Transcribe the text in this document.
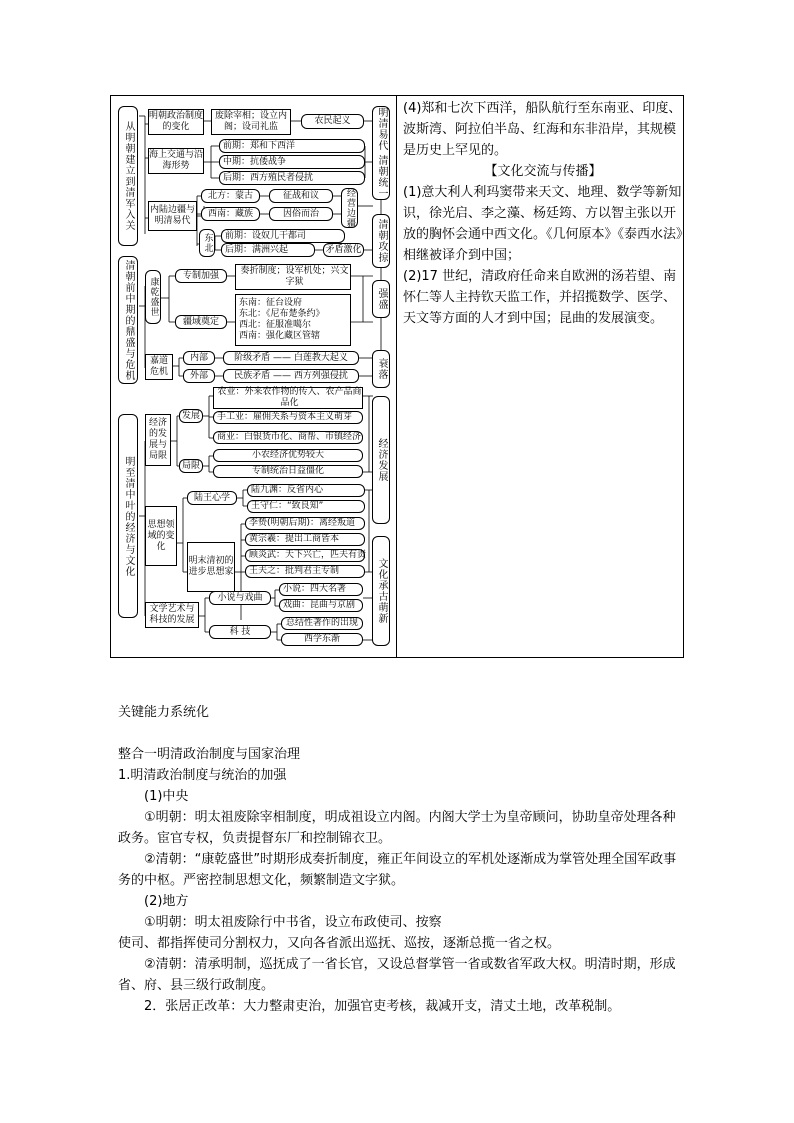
从明朝建立到清军入关
清朝前中期的鼎盛与危机
明至清中叶的经济与文化
明清易代 清朝统一
清朝攻掠
强盛
衰落
经济发展
文化承古萌新
明朝政治制度的变化
废除宰相；设立内阁；设司礼监
农民起义
海上交通与沿海形势
前期：郑和下西洋
中期：抗倭战争
后期：西方殖民者侵扰
内陆边疆与明清易代
北方：蒙古
西南：藏族
征战和议
因俗而治	经营边疆
东北	前期：设奴儿干都司
后期：满洲兴起	矛盾激化
康乾盛世
专制加强	奏折制度；设军机处；兴文字狱
疆域奠定
东南：征台设府
东北：《尼布楚条约》
西北：征服准噶尔
西南：强化藏区管辖
嘉道危机
内部	阶级矛盾 —— 白莲教大起义
外部	民族矛盾 —— 西方列强侵扰
经济的发展与局限
发展
农业：外来农作物的传入、农产品商品化
手工业：雇佣关系与资本主义萌芽
商业：白银货币化、商帮、市镇经济
局限
小农经济优势较大
专制统治日益僵化
思想领域的变化
陆王心学
陆九渊：反省内心
王守仁：“致良知”
明末清初的进步思想家
李贽(明朝后期)：离经叛道
黄宗羲：提出工商皆本
顾炎武：天下兴亡，匹夫有责
王夫之：批判君主专制
文学艺术与科技的发展
小说与戏曲
小说：四大名著
戏曲：昆曲与京剧
科 技
总结性著作的出现
西学东渐

(4)郑和七次下西洋，船队航行至东南亚、印度、波斯湾、阿拉伯半岛、红海和东非沿岸，其规模是历史上罕见的。

【文化交流与传播】

(1)意大利人利玛窦带来天文、地理、数学等新知识，徐光启、李之藻、杨廷筠、方以智主张以开放的胸怀会通中西文化。《几何原本》《泰西水法》相继被译介到中国；

(2)17 世纪，清政府任命来自欧洲的汤若望、南怀仁等人主持钦天监工作，并招揽数学、医学、天文等方面的人才到中国；昆曲的发展演变。

关键能力系统化

整合一明清政治制度与国家治理

1.明清政治制度与统治的加强

(1)中央

①明朝：明太祖废除宰相制度，明成祖设立内阁。内阁大学士为皇帝顾问，协助皇帝处理各种政务。宦官专权，负责提督东厂和控制锦衣卫。

②清朝：“康乾盛世”时期形成奏折制度，雍正年间设立的军机处逐渐成为掌管处理全国军政事务的中枢。严密控制思想文化，频繁制造文字狱。

(2)地方

①明朝：明太祖废除行中书省，设立布政使司、按察

使司、都指挥使司分割权力，又向各省派出巡抚、巡按，逐渐总揽一省之权。

②清朝：清承明制，巡抚成了一省长官，又设总督掌管一省或数省军政大权。明清时期，形成省、府、县三级行政制度。

2．张居正改革：大力整肃吏治，加强官吏考核，裁减开支，清丈土地，改革税制。
